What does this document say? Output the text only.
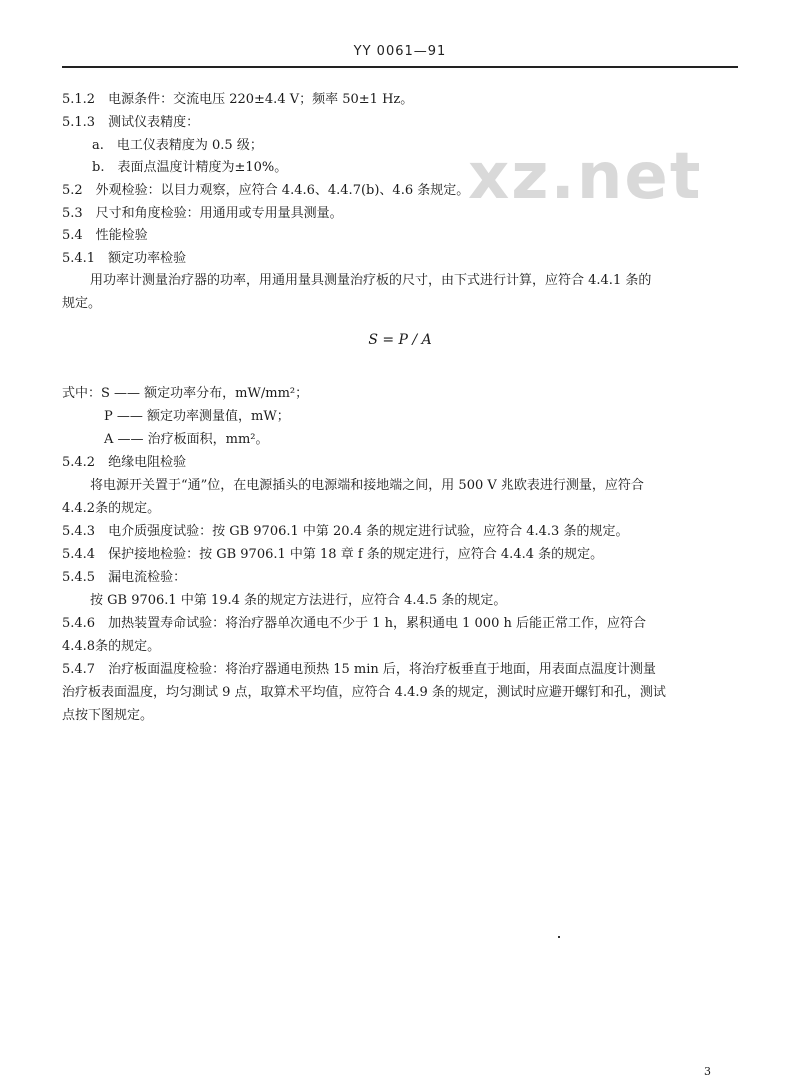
YY 0061—91
xz.net
5.1.2　电源条件：交流电压 220±4.4 V；频率 50±1 Hz。
5.1.3　测试仪表精度：
a.　电工仪表精度为 0.5 级；
b.　表面点温度计精度为±10%。
5.2　外观检验：以目力观察，应符合 4.4.6、4.4.7(b)、4.6 条规定。
5.3　尺寸和角度检验：用通用或专用量具测量。
5.4　性能检验
5.4.1　额定功率检验
用功率计测量治疗器的功率，用通用量具测量治疗板的尺寸，由下式进行计算，应符合 4.4.1 条的
规定。
S = P / A
式中：S —— 额定功率分布，mW/mm²；
P —— 额定功率测量值，mW；
A —— 治疗板面积，mm²。
5.4.2　绝缘电阻检验
将电源开关置于“通”位，在电源插头的电源端和接地端之间，用 500 V 兆欧表进行测量，应符合
4.4.2条的规定。
5.4.3　电介质强度试验：按 GB 9706.1 中第 20.4 条的规定进行试验，应符合 4.4.3 条的规定。
5.4.4　保护接地检验：按 GB 9706.1 中第 18 章 f 条的规定进行，应符合 4.4.4 条的规定。
5.4.5　漏电流检验：
按 GB 9706.1 中第 19.4 条的规定方法进行，应符合 4.4.5 条的规定。
5.4.6　加热装置寿命试验：将治疗器单次通电不少于 1 h，累积通电 1 000 h 后能正常工作，应符合
4.4.8条的规定。
5.4.7　治疗板面温度检验：将治疗器通电预热 15 min 后，将治疗板垂直于地面，用表面点温度计测量
治疗板表面温度，均匀測试 9 点，取算术平均值，应符合 4.4.9 条的规定，测试时应避开螺钉和孔，测试
点按下图规定。
3
